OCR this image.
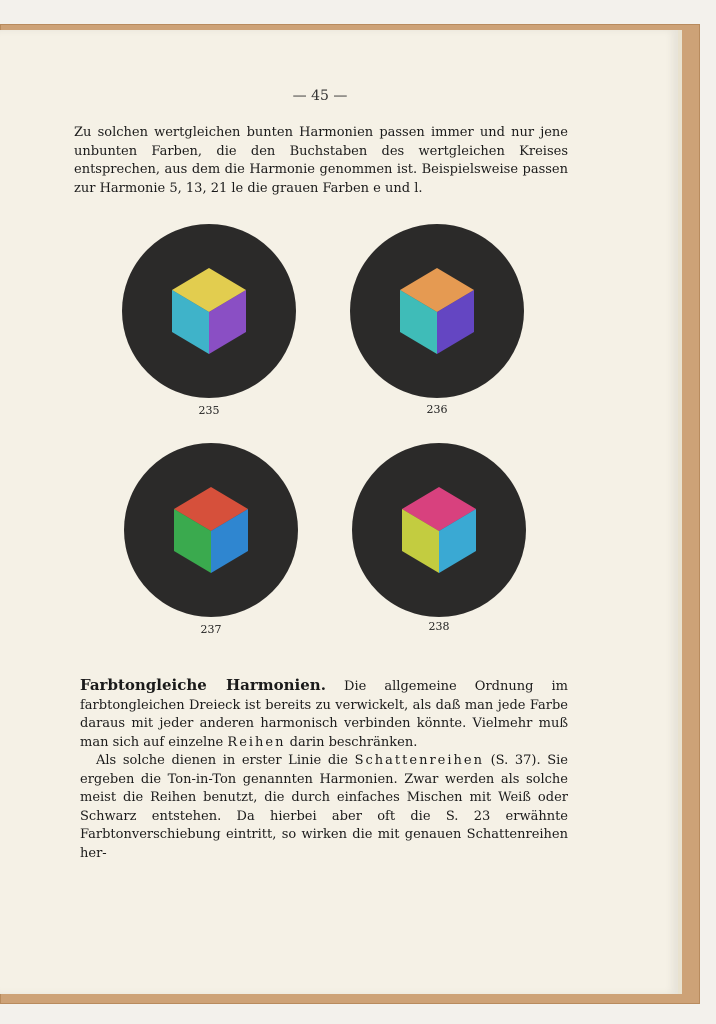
— 45 —

Zu solchen wertgleichen bunten Harmonien passen immer und nur jene unbunten Farben, die den Buchstaben des wertgleichen Kreises entsprechen, aus dem die Harmonie genommen ist. Beispielsweise passen zur Harmonie 5, 13, 21 le die grauen Farben e und l.

235	236
237	238
Farbtongleiche Harmonien. Die allgemeine Ordnung im farbtongleichen Dreieck ist bereits zu verwickelt, als daß man jede Farbe daraus mit jeder anderen harmonisch verbinden könnte. Vielmehr muß man sich auf einzelne Reihen darin beschränken.
Als solche dienen in erster Linie die Schattenreihen (S. 37). Sie ergeben die Ton-in-Ton genannten Harmonien. Zwar werden als solche meist die Reihen benutzt, die durch einfaches Mischen mit Weiß oder Schwarz entstehen. Da hierbei aber oft die S. 23 erwähnte Farbtonverschiebung eintritt, so wirken die mit genauen Schattenreihen her-
